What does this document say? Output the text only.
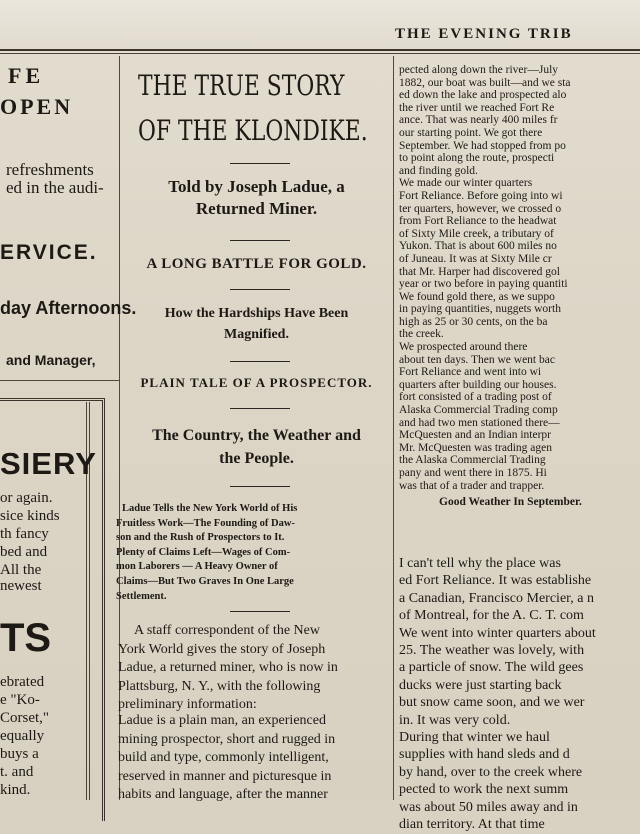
THE EVENING TRIB
FE
OPEN
refreshments
ed in the audi-
ERVICE.
day Afternoons.
and Manager,
SIERY
or again.
sice kinds
th fancy
bed and
All the
newest
TS
ebrated
e "Ko-
Corset,"
equally
buys a
t. and
kind.
THE TRUE STORY
OF THE KLONDIKE.
Told by Joseph Ladue, a
Returned Miner.
A LONG BATTLE FOR GOLD.
How the Hardships Have Been
Magnified.
PLAIN TALE OF A PROSPECTOR.
The Country, the Weather and
the People.
Ladue Tells the New York World of His
Fruitless Work—The Founding of Daw-
son and the Rush of Prospectors to It.
Plenty of Claims Left—Wages of Com-
mon Laborers — A Heavy Owner of
Claims—But Two Graves In One Large
Settlement.
A staff correspondent of the New
York World gives the story of Joseph
Ladue, a returned miner, who is now in
Plattsburg, N. Y., with the following
preliminary information:
Ladue is a plain man, an experienced
mining prospector, short and rugged in
build and type, commonly intelligent,
reserved in manner and picturesque in
habits and language, after the manner
pected along down the river—July
1882, our boat was built—and we sta
ed down the lake and prospected alo
the river until we reached Fort Re
ance. That was nearly 400 miles fr
our starting point. We got there
September. We had stopped from po
to point along the route, prospecti
and finding gold.
We made our winter quarters
Fort Reliance. Before going into wi
ter quarters, however, we crossed o
from Fort Reliance to the headwat
of Sixty Mile creek, a tributary of
Yukon. That is about 600 miles no
of Juneau. It was at Sixty Mile cr
that Mr. Harper had discovered gol
year or two before in paying quantiti
We found gold there, as we suppo
in paying quantities, nuggets worth
high as 25 or 30 cents, on the ba
the creek.
We prospected around there
about ten days. Then we went bac
Fort Reliance and went into wi
quarters after building our houses.
fort consisted of a trading post of
Alaska Commercial Trading comp
and had two men stationed there—
McQuesten and an Indian interpr
Mr. McQuesten was trading agen
the Alaska Commercial Trading
pany and went there in 1875. Hi
was that of a trader and trapper.
Good Weather In September.
I can't tell why the place was
ed Fort Reliance. It was establishe
a Canadian, Francisco Mercier, a n
of Montreal, for the A. C. T. com
We went into winter quarters about
25. The weather was lovely, with
a particle of snow. The wild gees
ducks were just starting back
but snow came soon, and we wer
in. It was very cold.
During that winter we haul
supplies with hand sleds and d
by hand, over to the creek where
pected to work the next summ
was about 50 miles away and in
dian territory. At that time
